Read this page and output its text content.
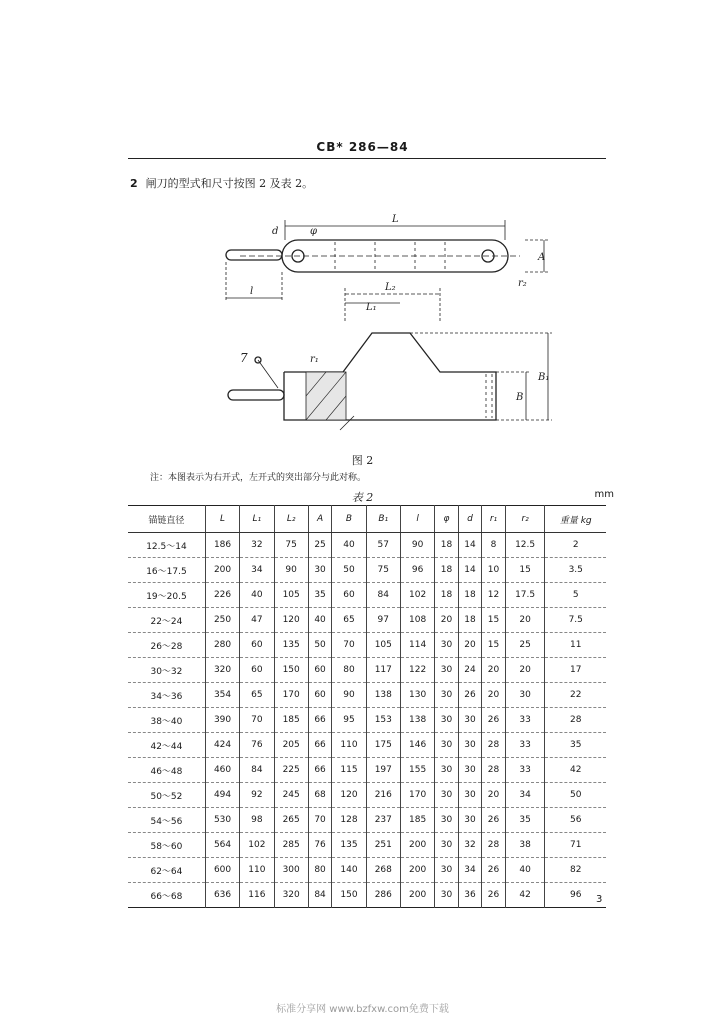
CB* 286—84
2 闸刀的型式和尺寸按图 2 及表 2。
L
A
l	L₂
L₁
r₂
d	φ
B₁
B
r₁
7
图 2
注：本图表示为右开式，左开式的突出部分与此对称。
表 2	mm
锚链直径	L	L₁	L₂	A	B	B₁	l	φ	d	r₁	r₂	重量 kg
12.5～14	186	32	75	25	40	57	90	18	14	8	12.5	2
16～17.5	200	34	90	30	50	75	96	18	14	10	15	3.5
19～20.5	226	40	105	35	60	84	102	18	18	12	17.5	5
22～24	250	47	120	40	65	97	108	20	18	15	20	7.5
26～28	280	60	135	50	70	105	114	30	20	15	25	11
30～32	320	60	150	60	80	117	122	30	24	20	20	17
34～36	354	65	170	60	90	138	130	30	26	20	30	22
38～40	390	70	185	66	95	153	138	30	30	26	33	28
42～44	424	76	205	66	110	175	146	30	30	28	33	35
46～48	460	84	225	66	115	197	155	30	30	28	33	42
50～52	494	92	245	68	120	216	170	30	30	20	34	50
54～56	530	98	265	70	128	237	185	30	30	26	35	56
58～60	564	102	285	76	135	251	200	30	32	28	38	71
62～64	600	110	300	80	140	268	200	30	34	26	40	82
66～68	636	116	320	84	150	286	200	30	36	26	42	96 3
标准分享网 www.bzfxw.com免费下载
